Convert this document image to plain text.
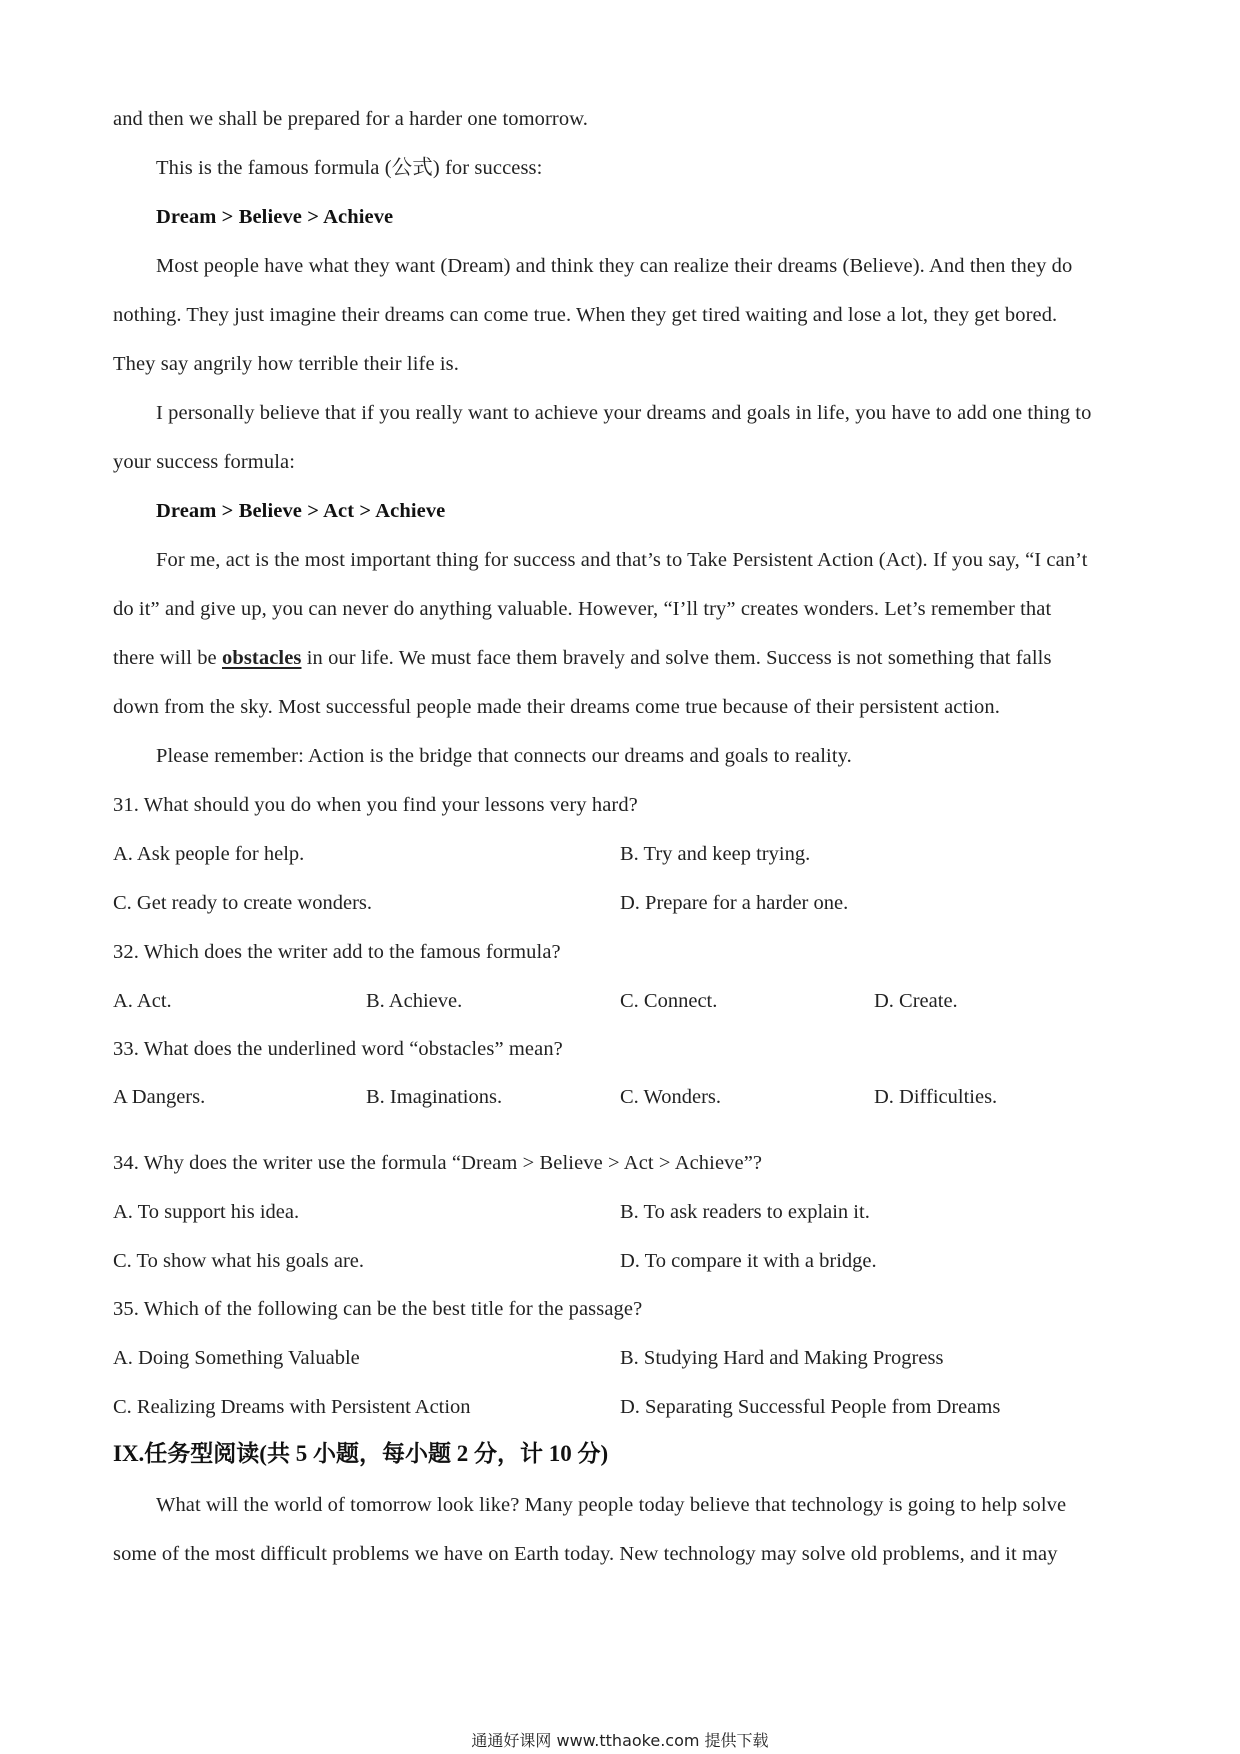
and then we shall be prepared for a harder one tomorrow.
This is the famous formula (公式) for success:
Dream > Believe > Achieve
Most people have what they want (Dream) and think they can realize their dreams (Believe). And then they do
nothing. They just imagine their dreams can come true. When they get tired waiting and lose a lot, they get bored.
They say angrily how terrible their life is.
I personally believe that if you really want to achieve your dreams and goals in life, you have to add one thing to
your success formula:
Dream > Believe > Act > Achieve
For me, act is the most important thing for success and that’s to Take Persistent Action (Act). If you say, “I can’t
do it” and give up, you can never do anything valuable. However, “I’ll try” creates wonders. Let’s remember that
there will be obstacles in our life. We must face them bravely and solve them. Success is not something that falls
down from the sky. Most successful people made their dreams come true because of their persistent action.
Please remember: Action is the bridge that connects our dreams and goals to reality.
31. What should you do when you find your lessons very hard?
A. Ask people for help.	B. Try and keep trying.
C. Get ready to create wonders.	D. Prepare for a harder one.
32. Which does the writer add to the famous formula?
A. Act.	B. Achieve.	C. Connect.	D. Create.
33. What does the underlined word “obstacles” mean?
A Dangers.	B. Imaginations.	C. Wonders.	D. Difficulties.
34. Why does the writer use the formula “Dream > Believe > Act > Achieve”?
A. To support his idea.	B. To ask readers to explain it.
C. To show what his goals are.	D. To compare it with a bridge.
35. Which of the following can be the best title for the passage?
A. Doing Something Valuable	B. Studying Hard and Making Progress
C. Realizing Dreams with Persistent Action	D. Separating Successful People from Dreams
IX.任务型阅读(共 5 小题，每小题 2 分，计 10 分)
What will the world of tomorrow look like? Many people today believe that technology is going to help solve
some of the most difficult problems we have on Earth today. New technology may solve old problems, and it may
通通好课网 www.tthaoke.com 提供下载
